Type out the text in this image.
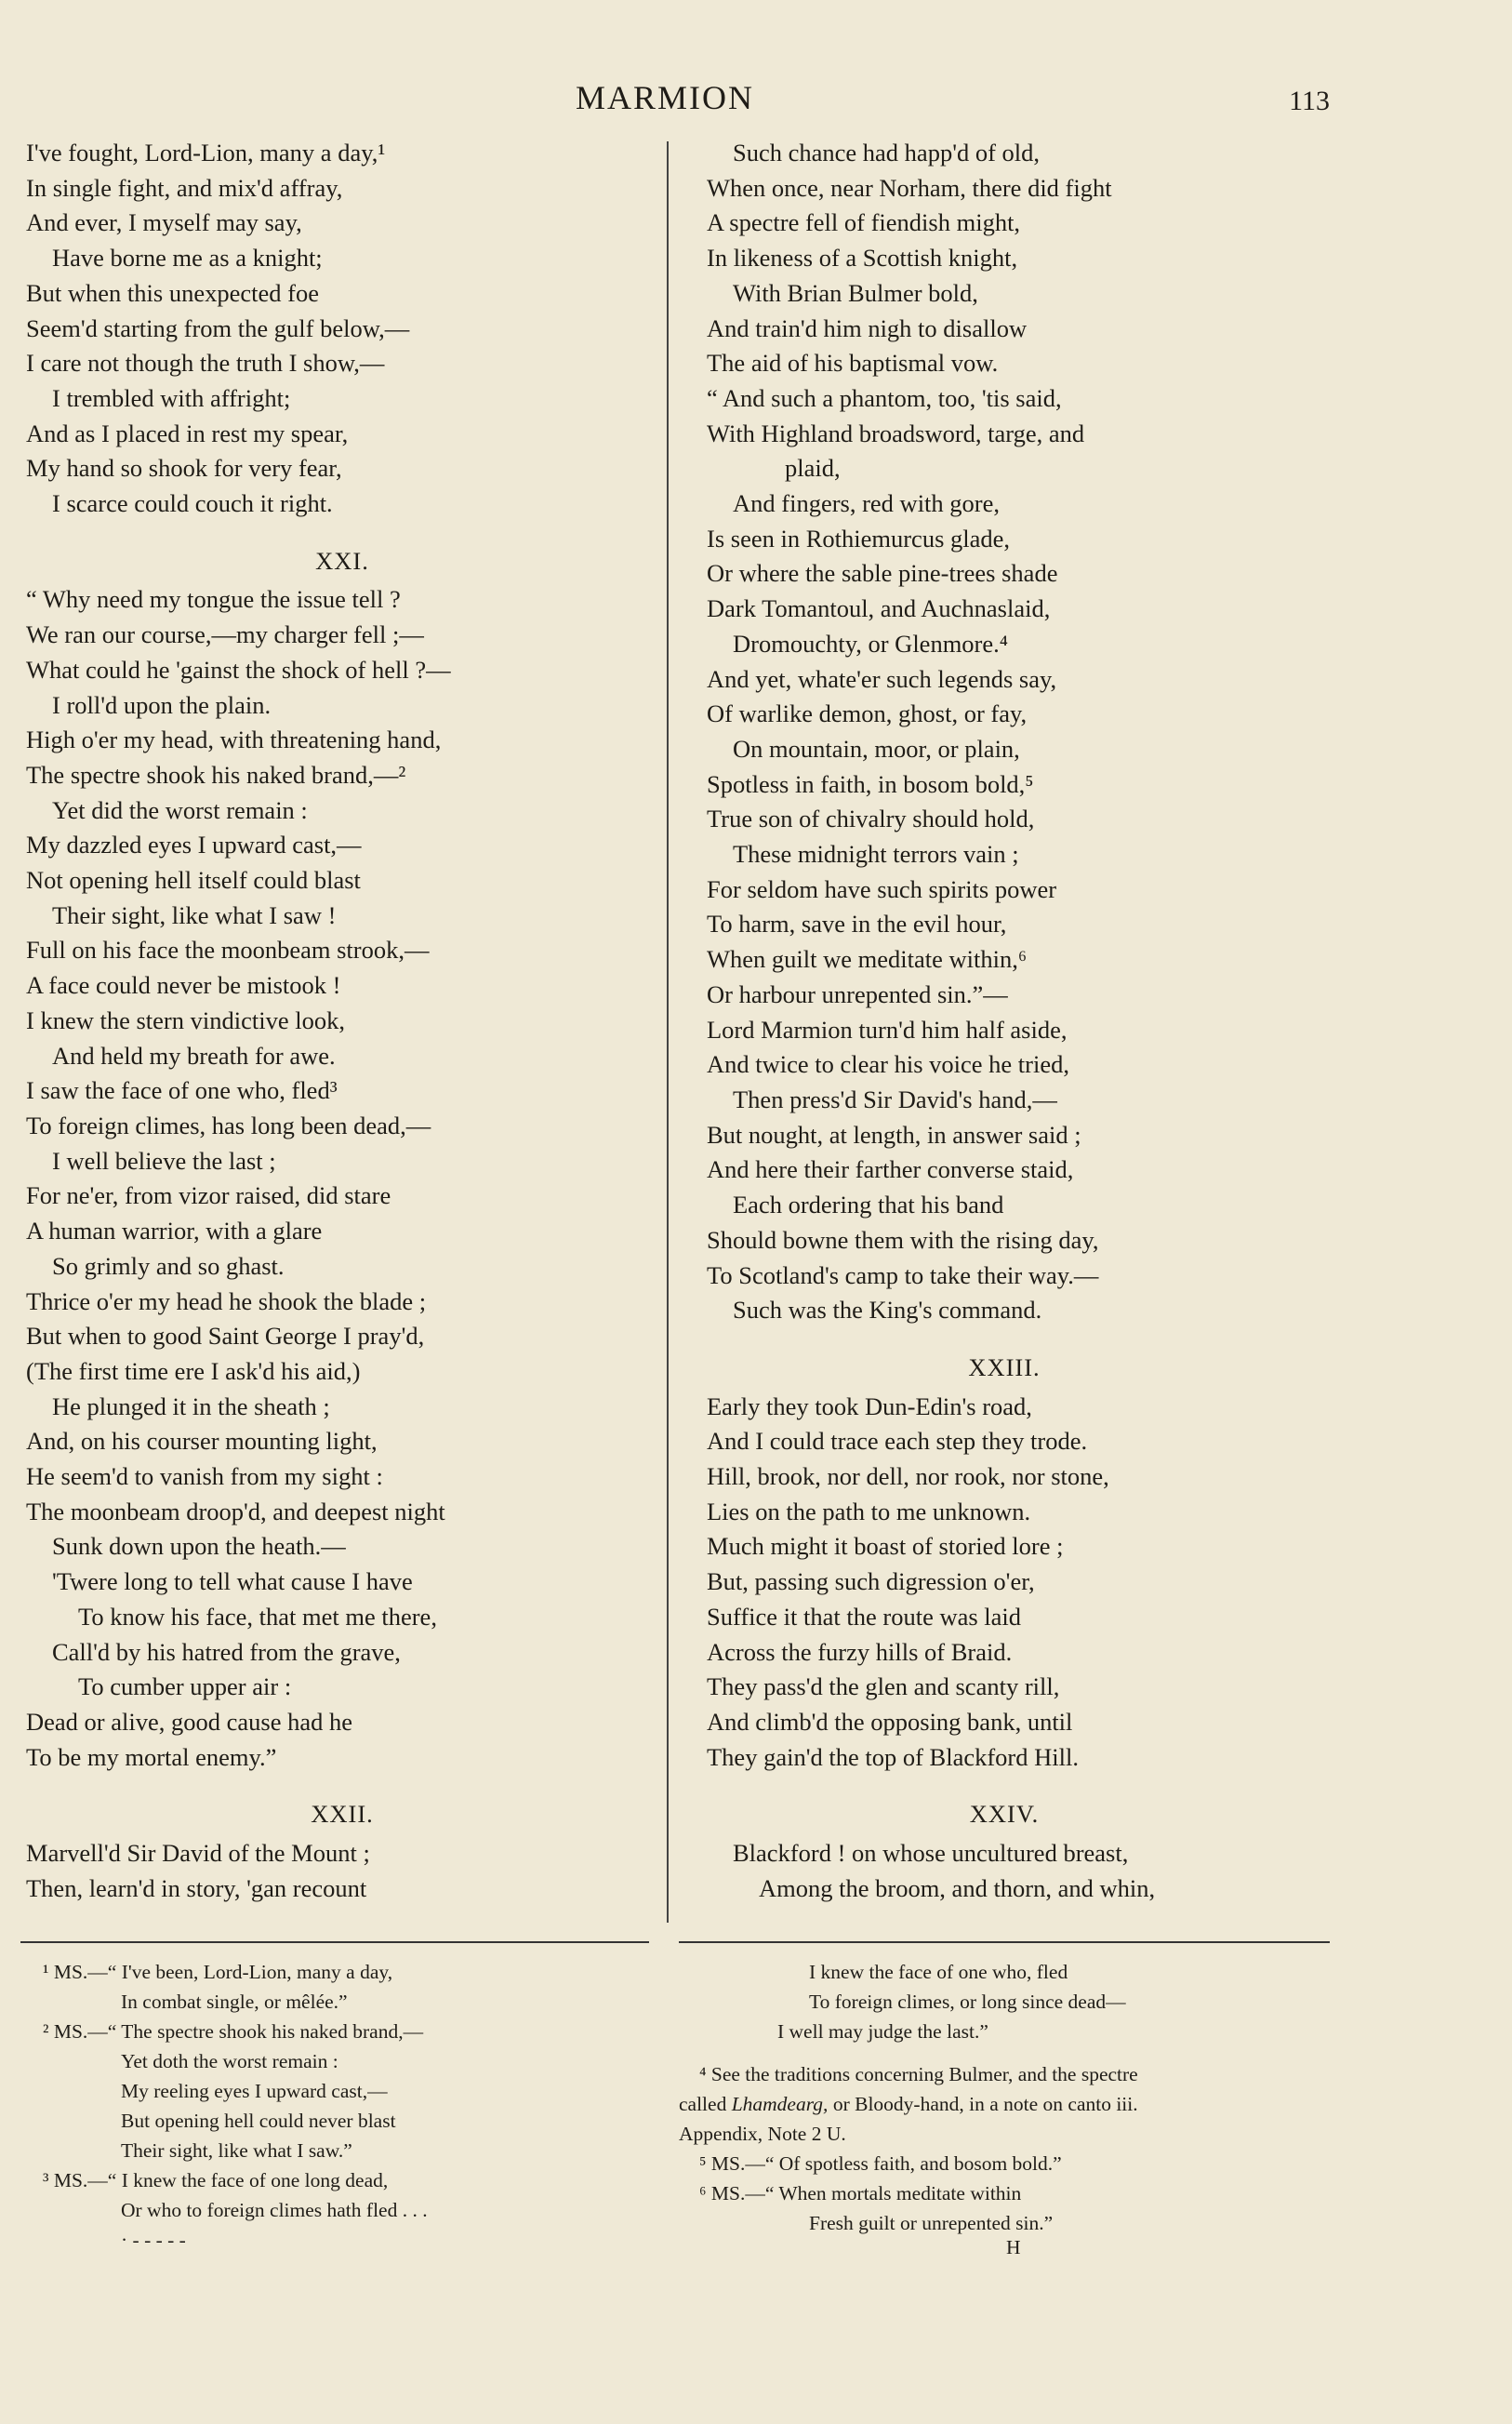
MARMION	113
I've fought, Lord-Lion, many a day,¹
In single fight, and mix'd affray,
And ever, I myself may say,
Have borne me as a knight;
But when this unexpected foe
Seem'd starting from the gulf below,—
I care not though the truth I show,—
I trembled with affright;
And as I placed in rest my spear,
My hand so shook for very fear,
I scarce could couch it right.
XXI.
“ Why need my tongue the issue tell ?
We ran our course,—my charger fell ;—
What could he 'gainst the shock of hell ?—
I roll'd upon the plain.
High o'er my head, with threatening hand,
The spectre shook his naked brand,—²
Yet did the worst remain :
My dazzled eyes I upward cast,—
Not opening hell itself could blast
Their sight, like what I saw !
Full on his face the moonbeam strook,—
A face could never be mistook !
I knew the stern vindictive look,
And held my breath for awe.
I saw the face of one who, fled³
To foreign climes, has long been dead,—
I well believe the last ;
For ne'er, from vizor raised, did stare
A human warrior, with a glare
So grimly and so ghast.
Thrice o'er my head he shook the blade ;
But when to good Saint George I pray'd,
(The first time ere I ask'd his aid,)
He plunged it in the sheath ;
And, on his courser mounting light,
He seem'd to vanish from my sight :
The moonbeam droop'd, and deepest night
Sunk down upon the heath.—
'Twere long to tell what cause I have
To know his face, that met me there,
Call'd by his hatred from the grave,
To cumber upper air :
Dead or alive, good cause had he
To be my mortal enemy.”
XXII.
Marvell'd Sir David of the Mount ;
Then, learn'd in story, 'gan recount
Such chance had happ'd of old,
When once, near Norham, there did fight
A spectre fell of fiendish might,
In likeness of a Scottish knight,
With Brian Bulmer bold,
And train'd him nigh to disallow
The aid of his baptismal vow.
“ And such a phantom, too, 'tis said,
With Highland broadsword, targe, and
plaid,
And fingers, red with gore,
Is seen in Rothiemurcus glade,
Or where the sable pine-trees shade
Dark Tomantoul, and Auchnaslaid,
Dromouchty, or Glenmore.⁴
And yet, whate'er such legends say,
Of warlike demon, ghost, or fay,
On mountain, moor, or plain,
Spotless in faith, in bosom bold,⁵
True son of chivalry should hold,
These midnight terrors vain ;
For seldom have such spirits power
To harm, save in the evil hour,
When guilt we meditate within,⁶
Or harbour unrepented sin.”—
Lord Marmion turn'd him half aside,
And twice to clear his voice he tried,
Then press'd Sir David's hand,—
But nought, at length, in answer said ;
And here their farther converse staid,
Each ordering that his band
Should bowne them with the rising day,
To Scotland's camp to take their way.—
Such was the King's command.
XXIII.
Early they took Dun-Edin's road,
And I could trace each step they trode.
Hill, brook, nor dell, nor rook, nor stone,
Lies on the path to me unknown.
Much might it boast of storied lore ;
But, passing such digression o'er,
Suffice it that the route was laid
Across the furzy hills of Braid.
They pass'd the glen and scanty rill,
And climb'd the opposing bank, until
They gain'd the top of Blackford Hill.
XXIV.
Blackford ! on whose uncultured breast,
Among the broom, and thorn, and whin,
¹ MS.—“ I've been, Lord-Lion, many a day,
In combat single, or mêlée.”
² MS.—“ The spectre shook his naked brand,—
Yet doth the worst remain :
My reeling eyes I upward cast,—
But opening hell could never blast
Their sight, like what I saw.”
³ MS.—“ I knew the face of one long dead,
Or who to foreign climes hath fled . . .
· - - - - -
I knew the face of one who, fled
To foreign climes, or long since dead—
I well may judge the last.”
⁴ See the traditions concerning Bulmer, and the spectre
called Lhamdearg, or Bloody-hand, in a note on canto iii.
Appendix, Note 2 U.
⁵ MS.—“ Of spotless faith, and bosom bold.”
⁶ MS.—“ When mortals meditate within
Fresh guilt or unrepented sin.”
H
